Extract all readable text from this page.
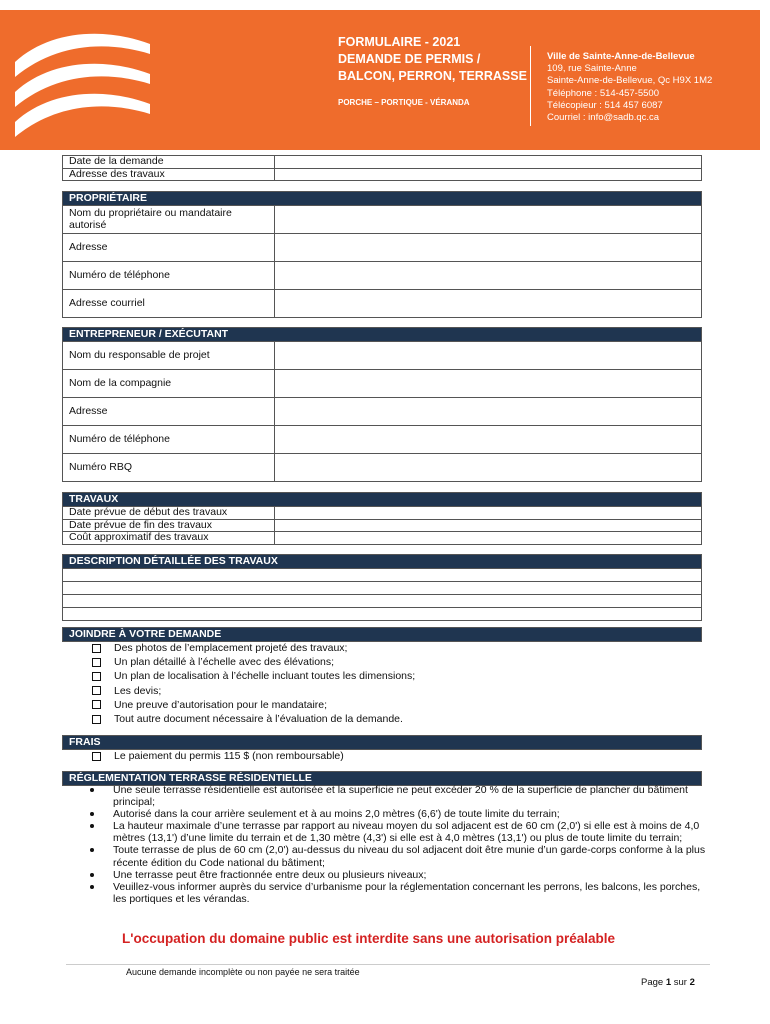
FORMULAIRE - 2021
DEMANDE DE PERMIS /
BALCON, PERRON, TERRASSE
PORCHE – PORTIQUE - VÉRANDA
Ville de Sainte-Anne-de-Bellevue
109, rue Sainte-Anne
Sainte-Anne-de-Bellevue, Qc H9X 1M2
Téléphone : 514-457-5500
Télécopieur : 514 457 6087
Courriel : info@sadb.qc.ca
Date de la demande	
Adresse des travaux	
PROPRIÉTAIRE	
Nom du propriétaire ou mandataire autorisé	
Adresse	
Numéro de téléphone	
Adresse courriel	
ENTREPRENEUR / EXÉCUTANT	
Nom du responsable de projet	
Nom de la compagnie	
Adresse	
Numéro de téléphone	
Numéro RBQ	
TRAVAUX	
Date prévue de début des travaux	
Date prévue de fin des travaux	
Coût approximatif des travaux	
DESCRIPTION DÉTAILLÉE DES TRAVAUX

JOINDRE À VOTRE DEMANDE
Des photos de l’emplacement projeté des travaux;
Un plan détaillé à l’échelle avec des élévations;
Un plan de localisation à l’échelle incluant toutes les dimensions;
Les devis;
Une preuve d’autorisation pour le mandataire;
Tout autre document nécessaire à l’évaluation de la demande.
FRAIS
Le paiement du permis 115 $ (non remboursable)
RÉGLEMENTATION TERRASSE RÉSIDENTIELLE
Une seule terrasse résidentielle est autorisée et la superficie ne peut excéder 20 % de la superficie de plancher du bâtiment principal;
Autorisé dans la cour arrière seulement et à au moins 2,0 mètres (6,6') de toute limite du terrain;
La hauteur maximale d’une terrasse par rapport au niveau moyen du sol adjacent est de 60 cm (2,0') si elle est à moins de 4,0 mètres (13,1') d’une limite du terrain et de 1,30 mètre (4,3') si elle est à 4,0 mètres (13,1') ou plus de toute limite du terrain;
Toute terrasse de plus de 60 cm (2,0') au-dessus du niveau du sol adjacent doit être munie d’un garde-corps conforme à la plus récente édition du Code national du bâtiment;
Une terrasse peut être fractionnée entre deux ou plusieurs niveaux;
Veuillez-vous informer auprès du service d’urbanisme pour la réglementation concernant les perrons, les balcons, les porches, les portiques et les vérandas.
L'occupation du domaine public est interdite sans une autorisation préalable
Aucune demande incomplète ou non payée ne sera traitée
Page 1 sur 2
